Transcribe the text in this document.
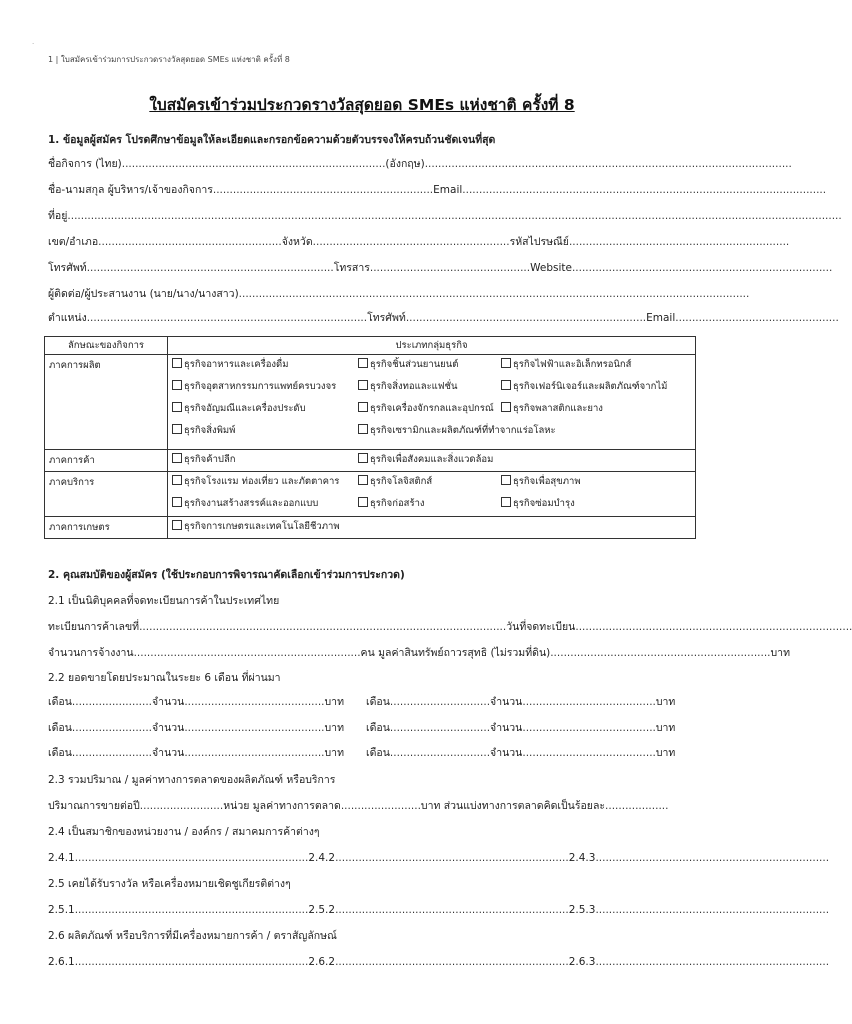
·
1 | ใบสมัครเข้าร่วมการประกวดรางวัลสุดยอด SMEs แห่งชาติ ครั้งที่ 8
ใบสมัครเข้าร่วมประกวดรางวัลสุดยอด SMEs แห่งชาติ ครั้งที่ 8
1. ข้อมูลผู้สมัคร โปรดศึกษาข้อมูลให้ละเอียดและกรอกข้อความด้วยตัวบรรจงให้ครบถ้วนชัดเจนที่สุด
ชื่อกิจการ (ไทย)...............................................................................(อังกฤษ)..............................................................................................................
ชื่อ-นามสกุล ผู้บริหาร/เจ้าของกิจการ..................................................................Email.............................................................................................................
ที่อยู่........................................................................................................................................................................................................................................
เขต/อำเภอ.......................................................จังหวัด...........................................................รหัสไปรษณีย์..................................................................
โทรศัพท์..........................................................................โทรสาร................................................Website..............................................................................
ผู้ติดต่อ/ผู้ประสานงาน (นาย/นาง/นางสาว).........................................................................................................................................................
ตำแหน่ง....................................................................................โทรศัพท์........................................................................Email.................................................
ลักษณะของกิจการ	ประเภทกลุ่มธุรกิจ
ภาคการผลิต	ธุรกิจอาหารและเครื่องดื่ม ธุรกิจชิ้นส่วนยานยนต์ ธุรกิจไฟฟ้าและอิเล็กทรอนิกส์
ธุรกิจอุตสาหกรรมการแพทย์ครบวงจร ธุรกิจสิ่งทอและแฟชั่น ธุรกิจเฟอร์นิเจอร์และผลิตภัณฑ์จากไม้
ธุรกิจอัญมณีและเครื่องประดับ ธุรกิจเครื่องจักรกลและอุปกรณ์ ธุรกิจพลาสติกและยาง
ธุรกิจสิ่งพิมพ์ ธุรกิจเซรามิกและผลิตภัณฑ์ที่ทำจากแร่อโลหะ

ภาคการค้า	ธุรกิจค้าปลีก ธุรกิจเพื่อสังคมและสิ่งแวดล้อม

ภาคบริการ	ธุรกิจโรงแรม ท่องเที่ยว และภัตตาคาร ธุรกิจโลจิสติกส์ ธุรกิจเพื่อสุขภาพ
ธุรกิจงานสร้างสรรค์และออกแบบ ธุรกิจก่อสร้าง ธุรกิจซ่อมบำรุง

ภาคการเกษตร	ธุรกิจการเกษตรและเทคโนโลยีชีวภาพ
2. คุณสมบัติของผู้สมัคร (ใช้ประกอบการพิจารณาคัดเลือกเข้าร่วมการประกวด)
2.1 เป็นนิติบุคคลที่จดทะเบียนการค้าในประเทศไทย
ทะเบียนการค้าเลขที่..............................................................................................................วันที่จดทะเบียน...................................................................................
จำนวนการจ้างงาน....................................................................คน มูลค่าสินทรัพย์ถาวรสุทธิ (ไม่รวมที่ดิน)..................................................................บาท
2.2 ยอดขายโดยประมาณในระยะ 6 เดือน ที่ผ่านมา
เดือน........................จำนวน..........................................บาท เดือน..............................จำนวน........................................บาท
เดือน........................จำนวน..........................................บาท เดือน..............................จำนวน........................................บาท
เดือน........................จำนวน..........................................บาท เดือน..............................จำนวน........................................บาท
2.3 รวมปริมาณ / มูลค่าทางการตลาดของผลิตภัณฑ์ หรือบริการ
ปริมาณการขายต่อปี.........................หน่วย มูลค่าทางการตลาด........................บาท ส่วนแบ่งทางการตลาดคิดเป็นร้อยละ...................
2.4 เป็นสมาชิกของหน่วยงาน / องค์กร / สมาคมการค้าต่างๆ
2.4.1......................................................................2.4.2......................................................................2.4.3......................................................................
2.5 เคยได้รับรางวัล หรือเครื่องหมายเชิดชูเกียรติต่างๆ
2.5.1......................................................................2.5.2......................................................................2.5.3......................................................................
2.6 ผลิตภัณฑ์ หรือบริการที่มีเครื่องหมายการค้า / ตราสัญลักษณ์
2.6.1......................................................................2.6.2......................................................................2.6.3......................................................................
